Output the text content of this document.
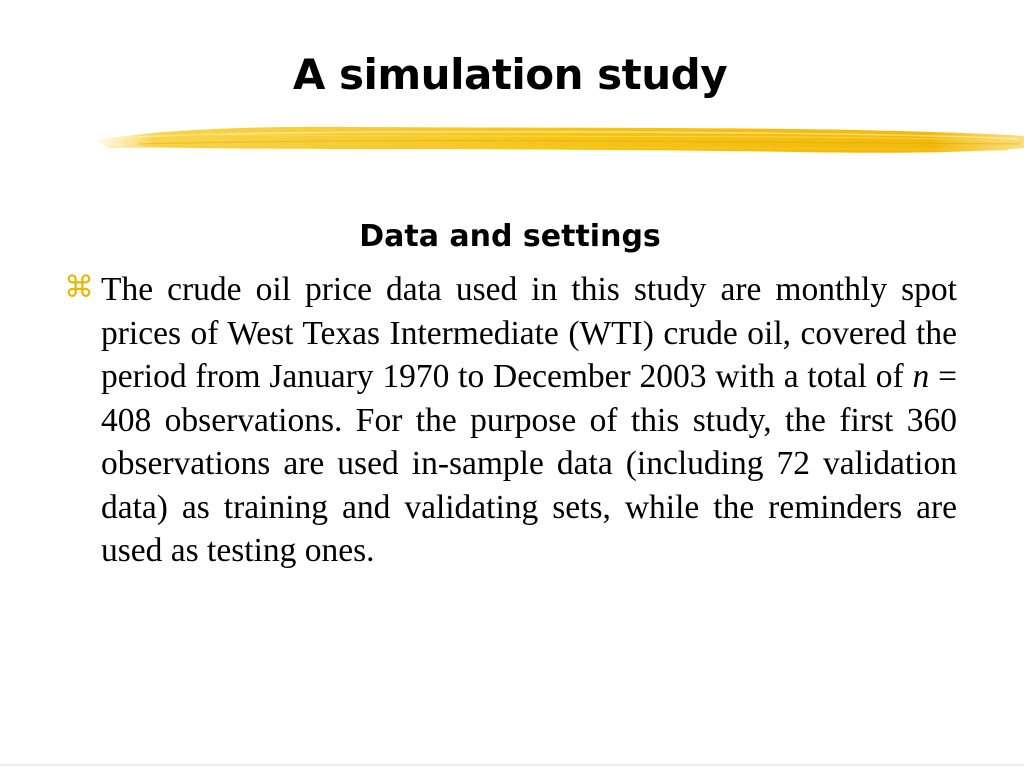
A simulation study
Data and settings
⌘ The crude oil price data used in this study are monthly spot prices of West Texas Intermediate (WTI) crude oil, covered the period from January 1970 to December 2003 with a total of n = 408 observations. For the purpose of this study, the first 360 observations are used in-sample data (including 72 validation data) as training and validating sets, while the reminders are used as testing ones.
